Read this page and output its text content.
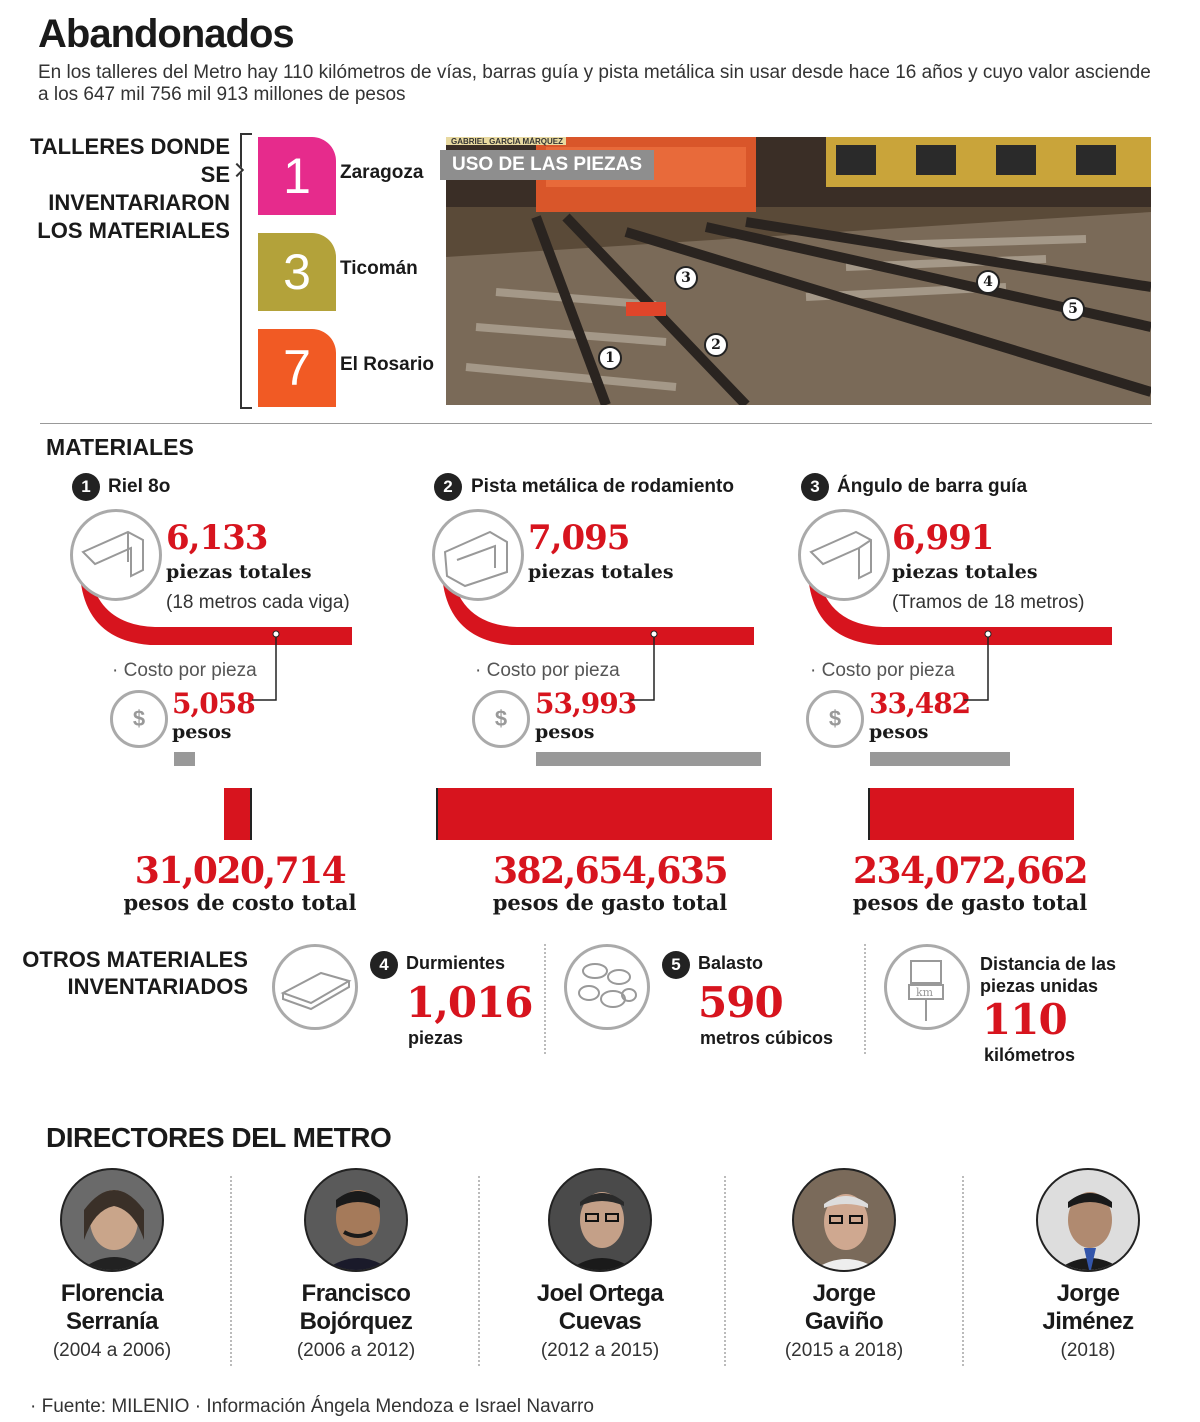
Abandonados
En los talleres del Metro hay 110 kilómetros de vías, barras guía y pista metálica sin usar desde hace 16 años y cuyo valor asciende a los 647 mil 756 mil 913 millones de pesos
TALLERES DONDE SE INVENTARIARON LOS MATERIALES
1	Zaragoza
3	Ticomán
7	El Rosario
GABRIEL GARCÍA MÁRQUEZ
USO DE LAS PIEZAS
1
2
3	4
5
MATERIALES
1 Riel 8o
6,133
piezas totales
(18 metros cada viga)
· Costo por pieza
$ 5,058
pesos
2 Pista metálica de rodamiento
7,095
piezas totales
· Costo por pieza
$ 53,993
pesos
3 Ángulo de barra guía
6,991
piezas totales
(Tramos de 18 metros)
· Costo por pieza
$ 33,482
pesos
31,020,714
pesos de costo total
382,654,635
pesos de gasto total
234,072,662
pesos de gasto total
OTROS MATERIALES INVENTARIADOS
4 Durmientes
1,016
piezas
5 Balasto
590
metros cúbicos
km
Distancia de las piezas unidas
110
kilómetros
DIRECTORES DEL METRO
Florencia
Serranía
(2004 a 2006)
Francisco
Bojórquez
(2006 a 2012)
Joel Ortega
Cuevas
(2012 a 2015)
Jorge
Gaviño
(2015 a 2018)
Jorge
Jiménez
(2018)
· Fuente: MILENIO · Información Ángela Mendoza e Israel Navarro
